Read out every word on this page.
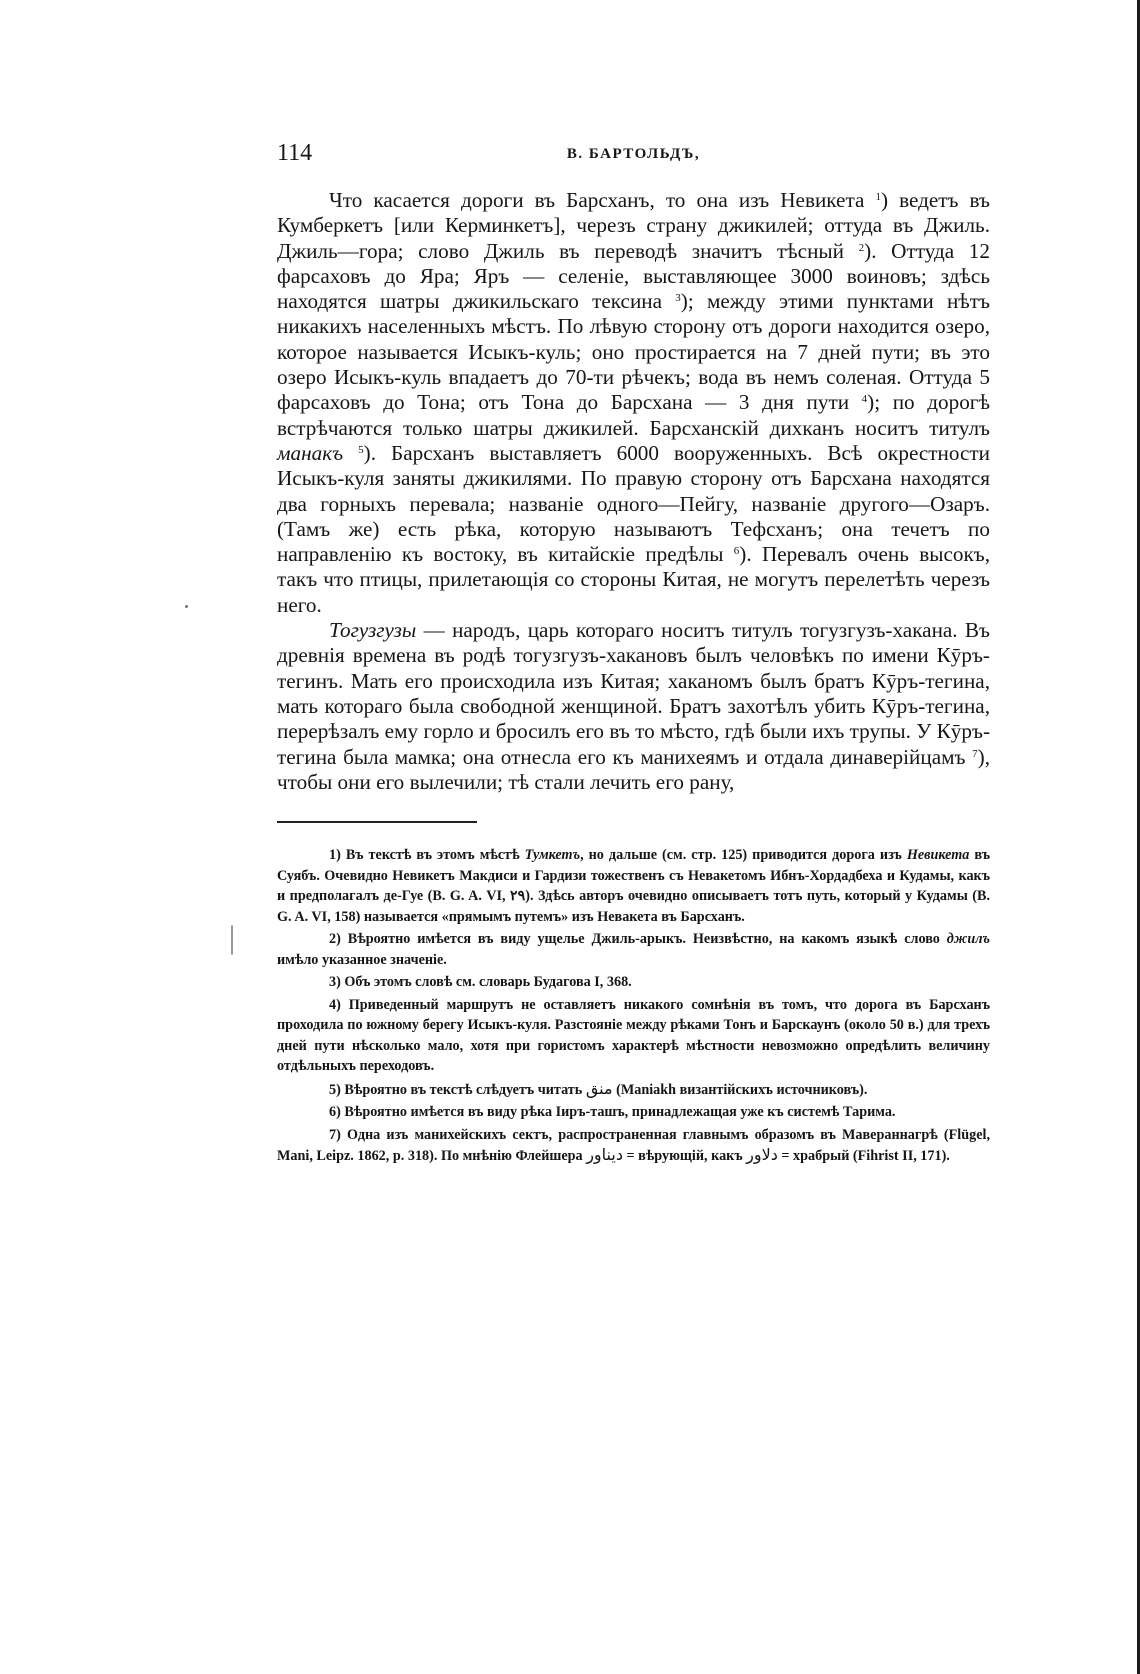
114	В. БАРТОЛЬДЪ,

Что касается дороги въ Барсханъ, то она изъ Невикета $^1$) ведетъ въ Кумберкетъ [или Керминкетъ], черезъ страну джикилей; оттуда въ Джиль. Джиль—гора; слово Джиль въ переводѣ значитъ тѣсный $^2$). Оттуда 12 фарсаховъ до Яра; Яръ — селеніе, выставляющее 3000 воиновъ; здѣсь находятся шатры джикильскаго тексина $^3$); между этими пунктами нѣтъ никакихъ населенныхъ мѣстъ. По лѣвую сторону отъ дороги находится озеро, которое называется Исыкъ-куль; оно простирается на 7 дней пути; въ это озеро Исыкъ-куль впадаетъ до 70-ти рѣчекъ; вода въ немъ соленая. Оттуда 5 фарсаховъ до Тона; отъ Тона до Барсхана — 3 дня пути $^4$); по дорогѣ встрѣчаются только шатры джикилей. Барсханскій дихканъ носитъ титулъ манакъ $^5$). Барсханъ выставляетъ 6000 вооруженныхъ. Всѣ окрестности Исыкъ-куля заняты джикилями. По правую сторону отъ Барсхана находятся два горныхъ перевала; названіе одного—Пейгу, названіе другого—Озаръ. (Тамъ же) есть рѣка, которую называютъ Тефсханъ; она течетъ по направленію къ востоку, въ китайскіе предѣлы $^6$). Перевалъ очень высокъ, такъ что птицы, прилетающія со стороны Китая, не могутъ перелетѣть черезъ него.

Тогузгузы — народъ, царь котораго носитъ титулъ тогузгузъ-хакана. Въ древнія времена въ родѣ тогузгузъ-хакановъ былъ человѣкъ по имени Кӯръ-тегинъ. Мать его происходила изъ Китая; хаканомъ былъ братъ Кӯръ-тегина, мать котораго была свободной женщиной. Братъ захотѣлъ убить Кӯръ-тегина, перерѣзалъ ему горло и бросилъ его въ то мѣсто, гдѣ были ихъ трупы. У Кӯръ-тегина была мамка; она отнесла его къ манихеямъ и отдала динаверійцамъ $^7$), чтобы они его вылечили; тѣ стали лечить его рану,

1) Въ текстѣ въ этомъ мѣстѣ Тумкетъ, но дальше (см. стр. 125) приводится дорога изъ Невикета въ Суябъ. Очевидно Невикетъ Макдиси и Гардизи тожественъ съ Невакетомъ Ибнъ-Хордадбеха и Кудамы, какъ и предполагалъ де-Гуе (B. G. A. VI, ٢٩). Здѣсь авторъ очевидно описываетъ тотъ путь, который у Кудамы (B. G. A. VI, 158) называется «прямымъ путемъ» изъ Невакета въ Барсханъ.

2) Вѣроятно имѣется въ виду ущелье Джиль-арыкъ. Неизвѣстно, на какомъ языкѣ слово джилъ имѣло указанное значеніе.

3) Объ этомъ словѣ см. словарь Будагова I, 368.

4) Приведенный маршрутъ не оставляетъ никакого сомнѣнія въ томъ, что дорога въ Барсханъ проходила по южному берегу Исыкъ-куля. Разстояніе между рѣками Тонъ и Барскаунъ (около 50 в.) для трехъ дней пути нѣсколько мало, хотя при гористомъ характерѣ мѣстности невозможно опредѣлить величину отдѣльныхъ переходовъ.

5) Вѣроятно въ текстѣ слѣдуетъ читать منق (Maniakh византійскихъ источниковъ).

6) Вѣроятно имѣется въ виду рѣка Іиръ-ташъ, принадлежащая уже къ системѣ Тарима.

7) Одна изъ манихейскихъ сектъ, распространенная главнымъ образомъ въ Мавераннагрѣ (Flügel, Mani, Leipz. 1862, p. 318). По мнѣнію Флейшера ديناور = вѣрующій, какъ دلاور = храбрый (Fihrist II, 171).
